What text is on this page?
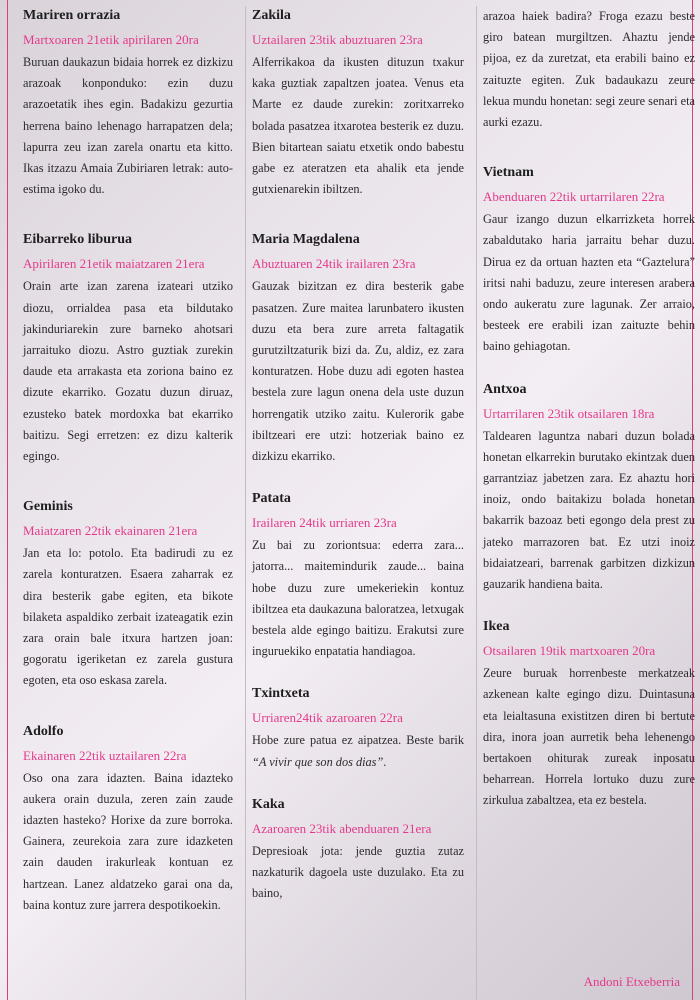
Mariren orrazia

Martxoaren 21etik apirilaren 20ra

Buruan daukazun bidaia horrek ez dizkizu arazoak konponduko: ezin duzu arazoetatik ihes egin. Badakizu gezurtia herrena baino lehenago harrapatzen dela; lapurra zeu izan zarela onartu eta kitto. Ikas itzazu Amaia Zubiriaren letrak: auto-estima igoko du.

Eibarreko liburua

Apirilaren 21etik maiatzaren 21era

Orain arte izan zarena izateari utziko diozu, orrialdea pasa eta bildutako jakinduriarekin zure barneko ahotsari jarraituko diozu. Astro guztiak zurekin daude eta arrakasta eta zoriona baino ez dizute ekarriko. Gozatu duzun diruaz, ezusteko batek mordoxka bat ekarriko baitizu. Segi erretzen: ez dizu kalterik egingo.

Geminis

Maiatzaren 22tik ekainaren 21era

Jan eta lo: potolo. Eta badirudi zu ez zarela konturatzen. Esaera zaharrak ez dira besterik gabe egiten, eta bikote bilaketa aspaldiko zerbait izateagatik ezin zara orain bale itxura hartzen joan: gogoratu igeriketan ez zarela gustura egoten, eta oso eskasa zarela.

Adolfo

Ekainaren 22tik uztailaren 22ra

Oso ona zara idazten. Baina idazteko aukera orain duzula, zeren zain zaude idazten hasteko? Horixe da zure borroka. Gainera, zeurekoia zara zure idazketen zain dauden irakurleak kontuan ez hartzean. Lanez aldatzeko garai ona da, baina kontuz zure jarrera despotikoekin.

Zakila

Uztailaren 23tik abuztuaren 23ra

Alferrikakoa da ikusten dituzun txakur kaka guztiak zapaltzen joatea. Venus eta Marte ez daude zurekin: zoritxarreko bolada pasatzea itxarotea besterik ez duzu. Bien bitartean saiatu etxetik ondo babestu gabe ez ateratzen eta ahalik eta jende gutxienarekin ibiltzen.

Maria Magdalena

Abuztuaren 24tik irailaren 23ra

Gauzak bizitzan ez dira besterik gabe pasatzen. Zure maitea larunbatero ikusten duzu eta bera zure arreta faltagatik gurutziltzaturik bizi da. Zu, aldiz, ez zara konturatzen. Hobe duzu adi egoten hastea bestela zure lagun onena dela uste duzun horrengatik utziko zaitu. Kulerorik gabe ibiltzeari ere utzi: hotzeriak baino ez dizkizu ekarriko.

Patata

Irailaren 24tik urriaren 23ra

Zu bai zu zoriontsua: ederra zara... jatorra... maitemindurik zaude... baina hobe duzu zure umekeriekin kontuz ibiltzea eta daukazuna baloratzea, letxugak bestela alde egingo baitizu. Erakutsi zure inguruekiko enpatatia handiagoa.

Txintxeta

Urriaren24tik azaroaren 22ra

Hobe zure patua ez aipatzea. Beste barik “A vivir que son dos dias”.

Kaka

Azaroaren 23tik abenduaren 21era

Depresioak jota: jende guztia zutaz nazkaturik dagoela uste duzulako. Eta zu baino,

arazoa haiek badira? Froga ezazu beste giro batean murgiltzen. Ahaztu jende pijoa, ez da zuretzat, eta erabili baino ez zaituzte egiten. Zuk badaukazu zeure lekua mundu honetan: segi zeure senari eta aurki ezazu.

Vietnam

Abenduaren 22tik urtarrilaren 22ra

Gaur izango duzun elkarrizketa horrek zabaldutako haria jarraitu behar duzu. Dirua ez da ortuan hazten eta “Gaztelura” iritsi nahi baduzu, zeure interesen arabera ondo aukeratu zure lagunak. Zer arraio, besteek ere erabili izan zaituzte behin baino gehiagotan.

Antxoa

Urtarrilaren 23tik otsailaren 18ra

Taldearen laguntza nabari duzun bolada honetan elkarrekin burutako ekintzak duen garrantziaz jabetzen zara. Ez ahaztu hori inoiz, ondo baitakizu bolada honetan bakarrik bazoaz beti egongo dela prest zu jateko marrazoren bat. Ez utzi inoiz bidaiatzeari, barrenak garbitzen dizkizun gauzarik handiena baita.

Ikea

Otsailaren 19tik martxoaren 20ra

Zeure buruak horrenbeste merkatzeak azkenean kalte egingo dizu. Duintasuna eta leialtasuna existitzen diren bi bertute dira, inora joan aurretik beha lehenengo bertakoen ohiturak zureak inposatu beharrean. Horrela lortuko duzu zure zirkulua zabaltzea, eta ez bestela.

Andoni Etxeberria
